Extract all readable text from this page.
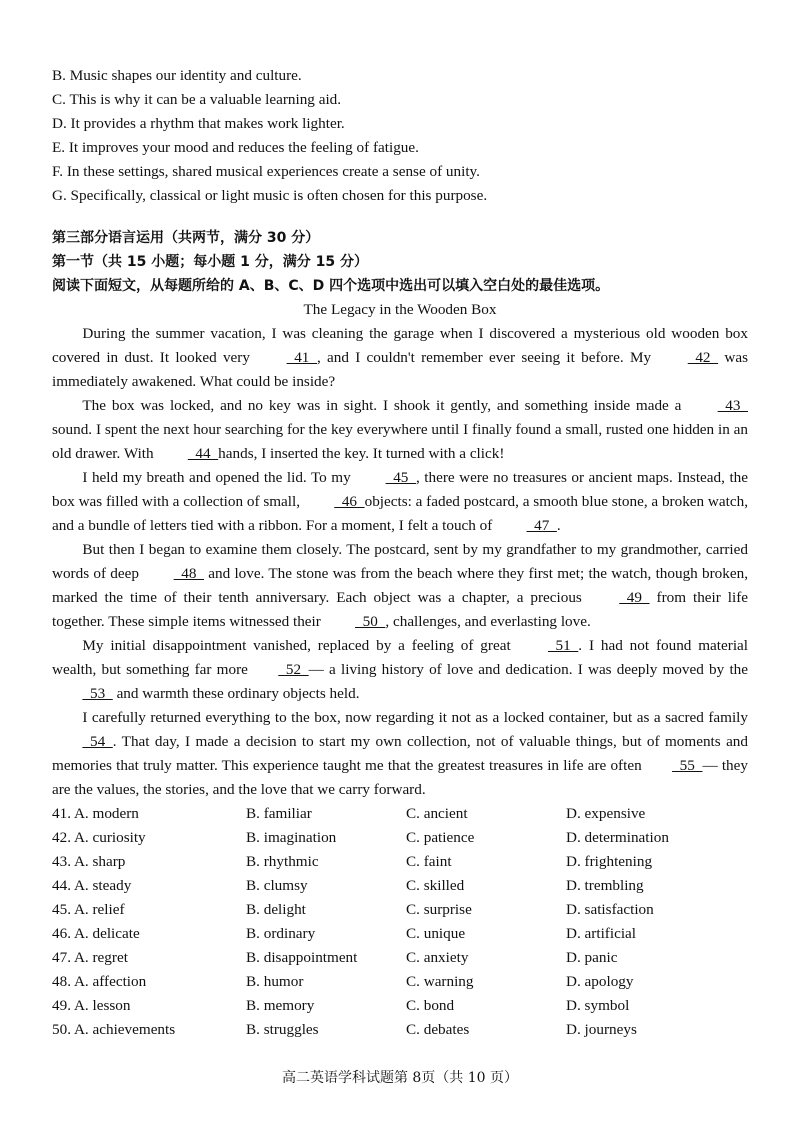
B. Music shapes our identity and culture.
C. This is why it can be a valuable learning aid.
D. It provides a rhythm that makes work lighter.
E. It improves your mood and reduces the feeling of fatigue.
F. In these settings, shared musical experiences create a sense of unity.
G. Specifically, classical or light music is often chosen for this purpose.
第三部分语言运用（共两节，满分 30 分）
第一节（共 15 小题；每小题 1 分，满分 15 分）
阅读下面短文，从每题所给的 A、B、C、D 四个选项中选出可以填入空白处的最佳选项。
The Legacy in the Wooden Box

During the summer vacation, I was cleaning the garage when I discovered a mysterious old wooden box covered in dust. It looked very   41  , and I couldn't remember ever seeing it before. My   42   was immediately awakened. What could be inside?

The box was locked, and no key was in sight. I shook it gently, and something inside made a   43  sound. I spent the next hour searching for the key everywhere until I finally found a small, rusted one hidden in an old drawer. With   44  hands, I inserted the key. It turned with a click!

I held my breath and opened the lid. To my   45  , there were no treasures or ancient maps. Instead, the box was filled with a collection of small,   46  objects: a faded postcard, a smooth blue stone, a broken watch, and a bundle of letters tied with a ribbon. For a moment, I felt a touch of   47  .

But then I began to examine them closely. The postcard, sent by my grandfather to my grandmother, carried words of deep   48   and love. The stone was from the beach where they first met; the watch, though broken, marked the time of their tenth anniversary. Each object was a chapter, a precious   49   from their life together. These simple items witnessed their   50  , challenges, and everlasting love.

My initial disappointment vanished, replaced by a feeling of great   51  . I had not found material wealth, but something far more  52  — a living history of love and dedication. I was deeply moved by the   53   and warmth these ordinary objects held.

I carefully returned everything to the box, now regarding it not as a locked container, but as a sacred family   54  . That day, I made a decision to start my own collection, not of valuable things, but of moments and memories that truly matter. This experience taught me that the greatest treasures in life are often  55  — they are the values, the stories, and the love that we carry forward.

41. A. modern	B. familiar	C. ancient	D. expensive
42. A. curiosity	B. imagination	C. patience	D. determination
43. A. sharp	B. rhythmic	C. faint	D. frightening
44. A. steady	B. clumsy	C. skilled	D. trembling
45. A. relief	B. delight	C. surprise	D. satisfaction
46. A. delicate	B. ordinary	C. unique	D. artificial
47. A. regret	B. disappointment	C. anxiety	D. panic
48. A. affection	B. humor	C. warning	D. apology
49. A. lesson	B. memory	C. bond	D. symbol
50. A. achievements	B. struggles	C. debates	D. journeys
高二英语学科试题第 8页（共 10 页）
